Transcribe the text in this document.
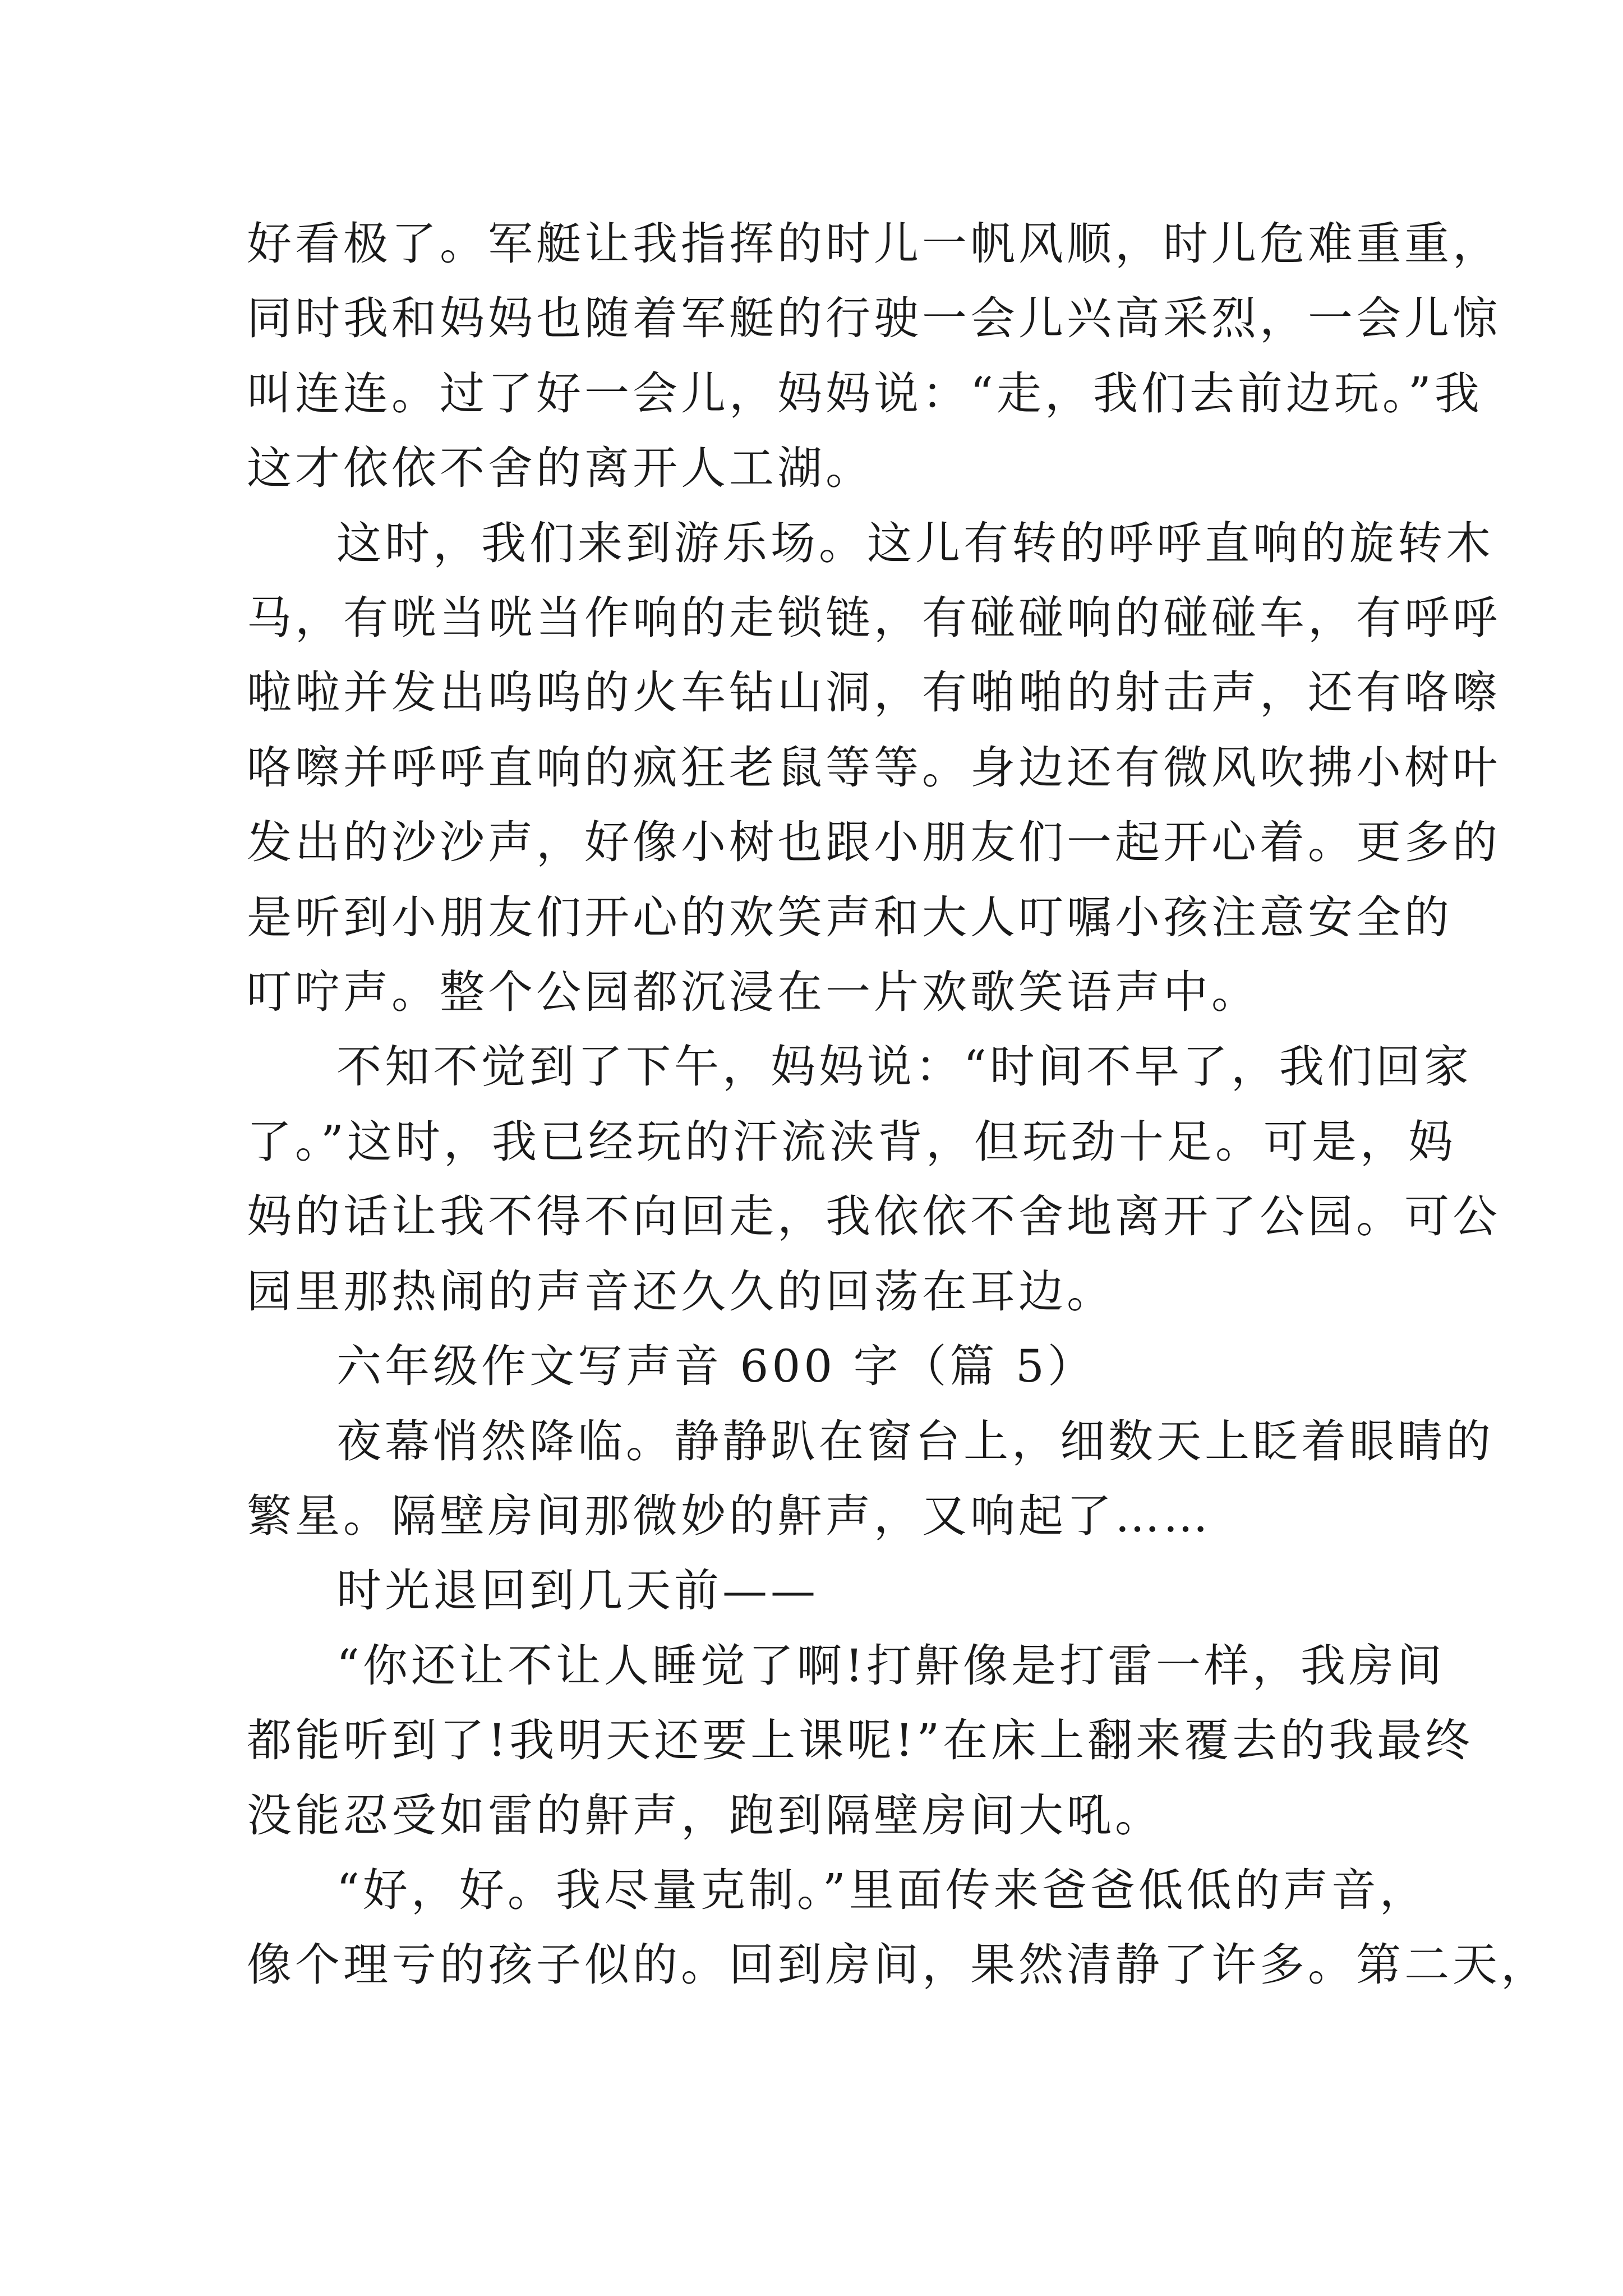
好看极了。军艇让我指挥的时儿一帆风顺，时儿危难重重，
同时我和妈妈也随着军艇的行驶一会儿兴高采烈，一会儿惊
叫连连。过了好一会儿，妈妈说：“走，我们去前边玩。”我
这才依依不舍的离开人工湖。

这时，我们来到游乐场。这儿有转的呼呼直响的旋转木
马，有咣当咣当作响的走锁链，有碰碰响的碰碰车，有呼呼
啦啦并发出呜呜的火车钻山洞，有啪啪的射击声，还有咯嚓
咯嚓并呼呼直响的疯狂老鼠等等。身边还有微风吹拂小树叶
发出的沙沙声，好像小树也跟小朋友们一起开心着。更多的
是听到小朋友们开心的欢笑声和大人叮嘱小孩注意安全的
叮咛声。整个公园都沉浸在一片欢歌笑语声中。

不知不觉到了下午，妈妈说：“时间不早了，我们回家
了。”这时，我已经玩的汗流浃背，但玩劲十足。可是，妈
妈的话让我不得不向回走，我依依不舍地离开了公园。可公
园里那热闹的声音还久久的回荡在耳边。

六年级作文写声音 600 字（篇 5）

夜幕悄然降临。静静趴在窗台上，细数天上眨着眼睛的
繁星。隔壁房间那微妙的鼾声，又响起了……

时光退回到几天前——

“你还让不让人睡觉了啊!打鼾像是打雷一样，我房间
都能听到了!我明天还要上课呢!”在床上翻来覆去的我最终
没能忍受如雷的鼾声，跑到隔壁房间大吼。

“好，好。我尽量克制。”里面传来爸爸低低的声音，
像个理亏的孩子似的。回到房间，果然清静了许多。第二天，
